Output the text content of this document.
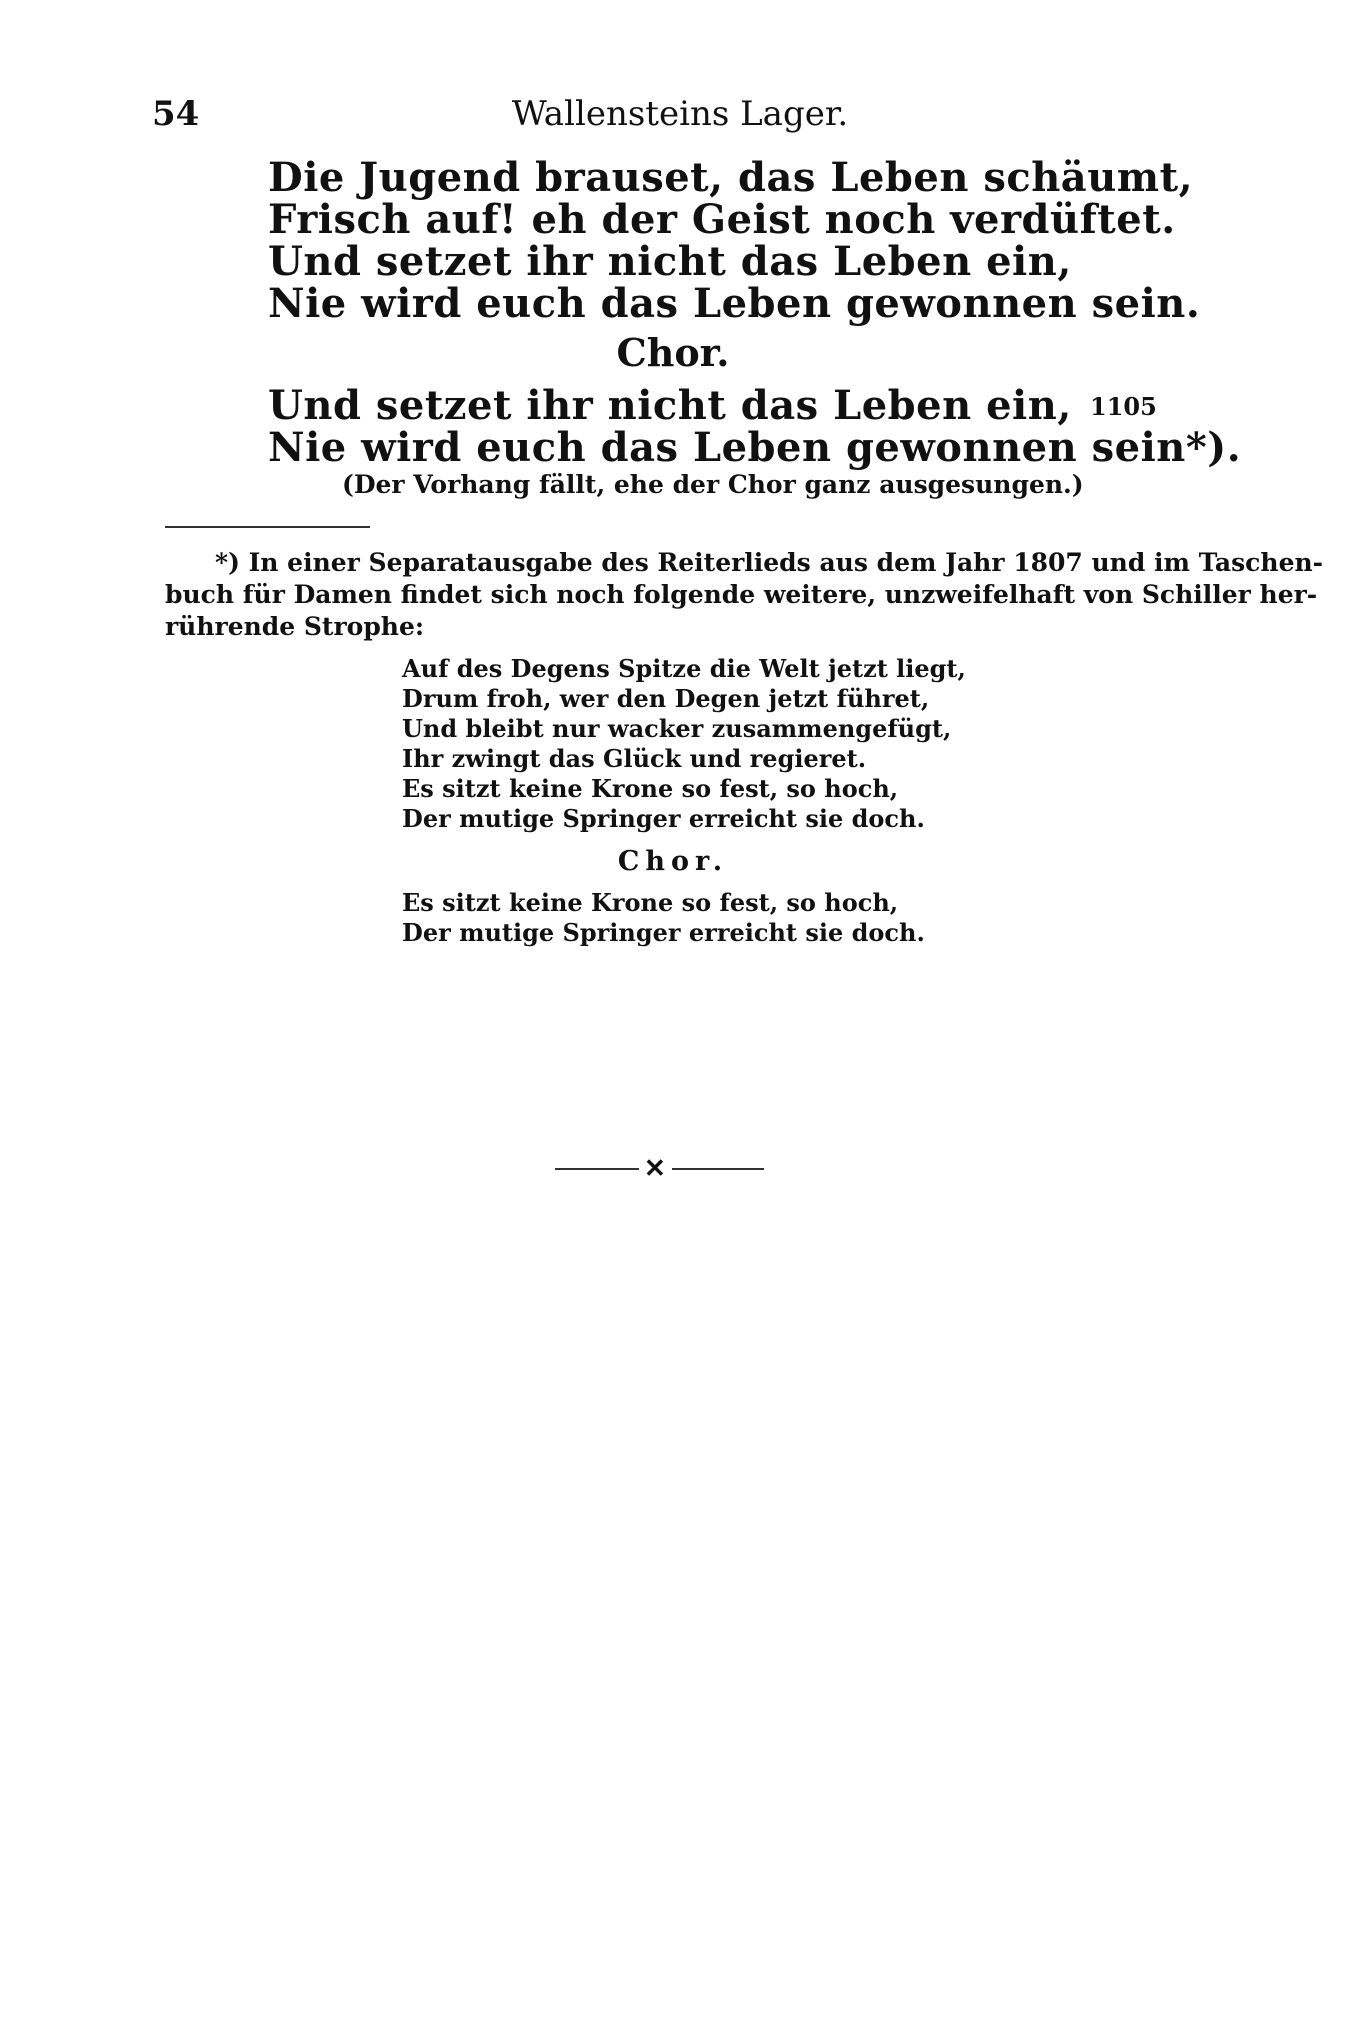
54	Wallensteins Lager.
Die Jugend brauset, das Leben schäumt,
Frisch auf! eh der Geist noch verdüftet.
Und setzet ihr nicht das Leben ein,
Nie wird euch das Leben gewonnen sein.
Chor.
Und setzet ihr nicht das Leben ein,
Nie wird euch das Leben gewonnen sein*).
1105
(Der Vorhang fällt, ehe der Chor ganz ausgesungen.)
*) In einer Separatausgabe des Reiterlieds aus dem Jahr 1807 und im Taschen-
buch für Damen findet sich noch folgende weitere, unzweifelhaft von Schiller her-
rührende Strophe:
Auf des Degens Spitze die Welt jetzt liegt,
Drum froh, wer den Degen jetzt führet,
Und bleibt nur wacker zusammengefügt,
Ihr zwingt das Glück und regieret.
Es sitzt keine Krone so fest, so hoch,
Der mutige Springer erreicht sie doch.
Chor.
Es sitzt keine Krone so fest, so hoch,
Der mutige Springer erreicht sie doch.
✕
